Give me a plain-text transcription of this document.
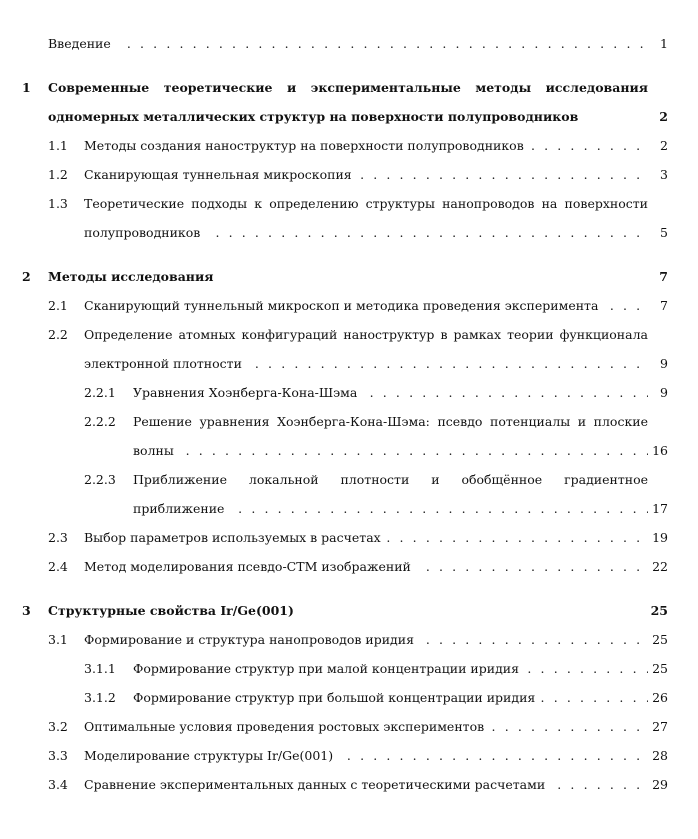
Введение . . .	1
1	Современные теоретические и экспериментальные методы исследования одномерных металлических структур на поверхности полупроводников	2
1.1	Методы создания наноструктур на поверхности полупроводников . . .	2
1.2	Сканирующая туннельная микроскопия . . .	3
1.3	Теоретические подходы к определению структуры нанопроводов на поверхности полупроводников . . .	5
2	Методы исследования	7
2.1	Сканирующий туннельный микроскоп и методика проведения эксперимента . . .	7
2.2	Определение атомных конфигураций наноструктур в рамках теории функционала электронной плотности . . .	9
2.2.1	Уравнения Хоэнберга-Кона-Шэма . . .	9
2.2.2	Решение уравнения Хоэнберга-Кона-Шэма: псевдо потенциалы и плоские волны . . .	16
2.2.3	Приближение локальной плотности и обобщённое градиентное приближение . . .	17
2.3	Выбор параметров используемых в расчетах . . .	19
2.4	Метод моделирования псевдо-СТМ изображений . . .	22
3	Структурные свойства Ir/Ge(001)	25
3.1	Формирование и структура нанопроводов иридия . . .	25
3.1.1	Формирование структур при малой концентрации иридия . . .	25
3.1.2	Формирование структур при большой концентрации иридия . . .	26
3.2	Оптимальные условия проведения ростовых экспериментов . . .	27
3.3	Моделирование структуры Ir/Ge(001) . . .	28
3.4	Сравнение экспериментальных данных с теоретическими расчетами . . .	29
